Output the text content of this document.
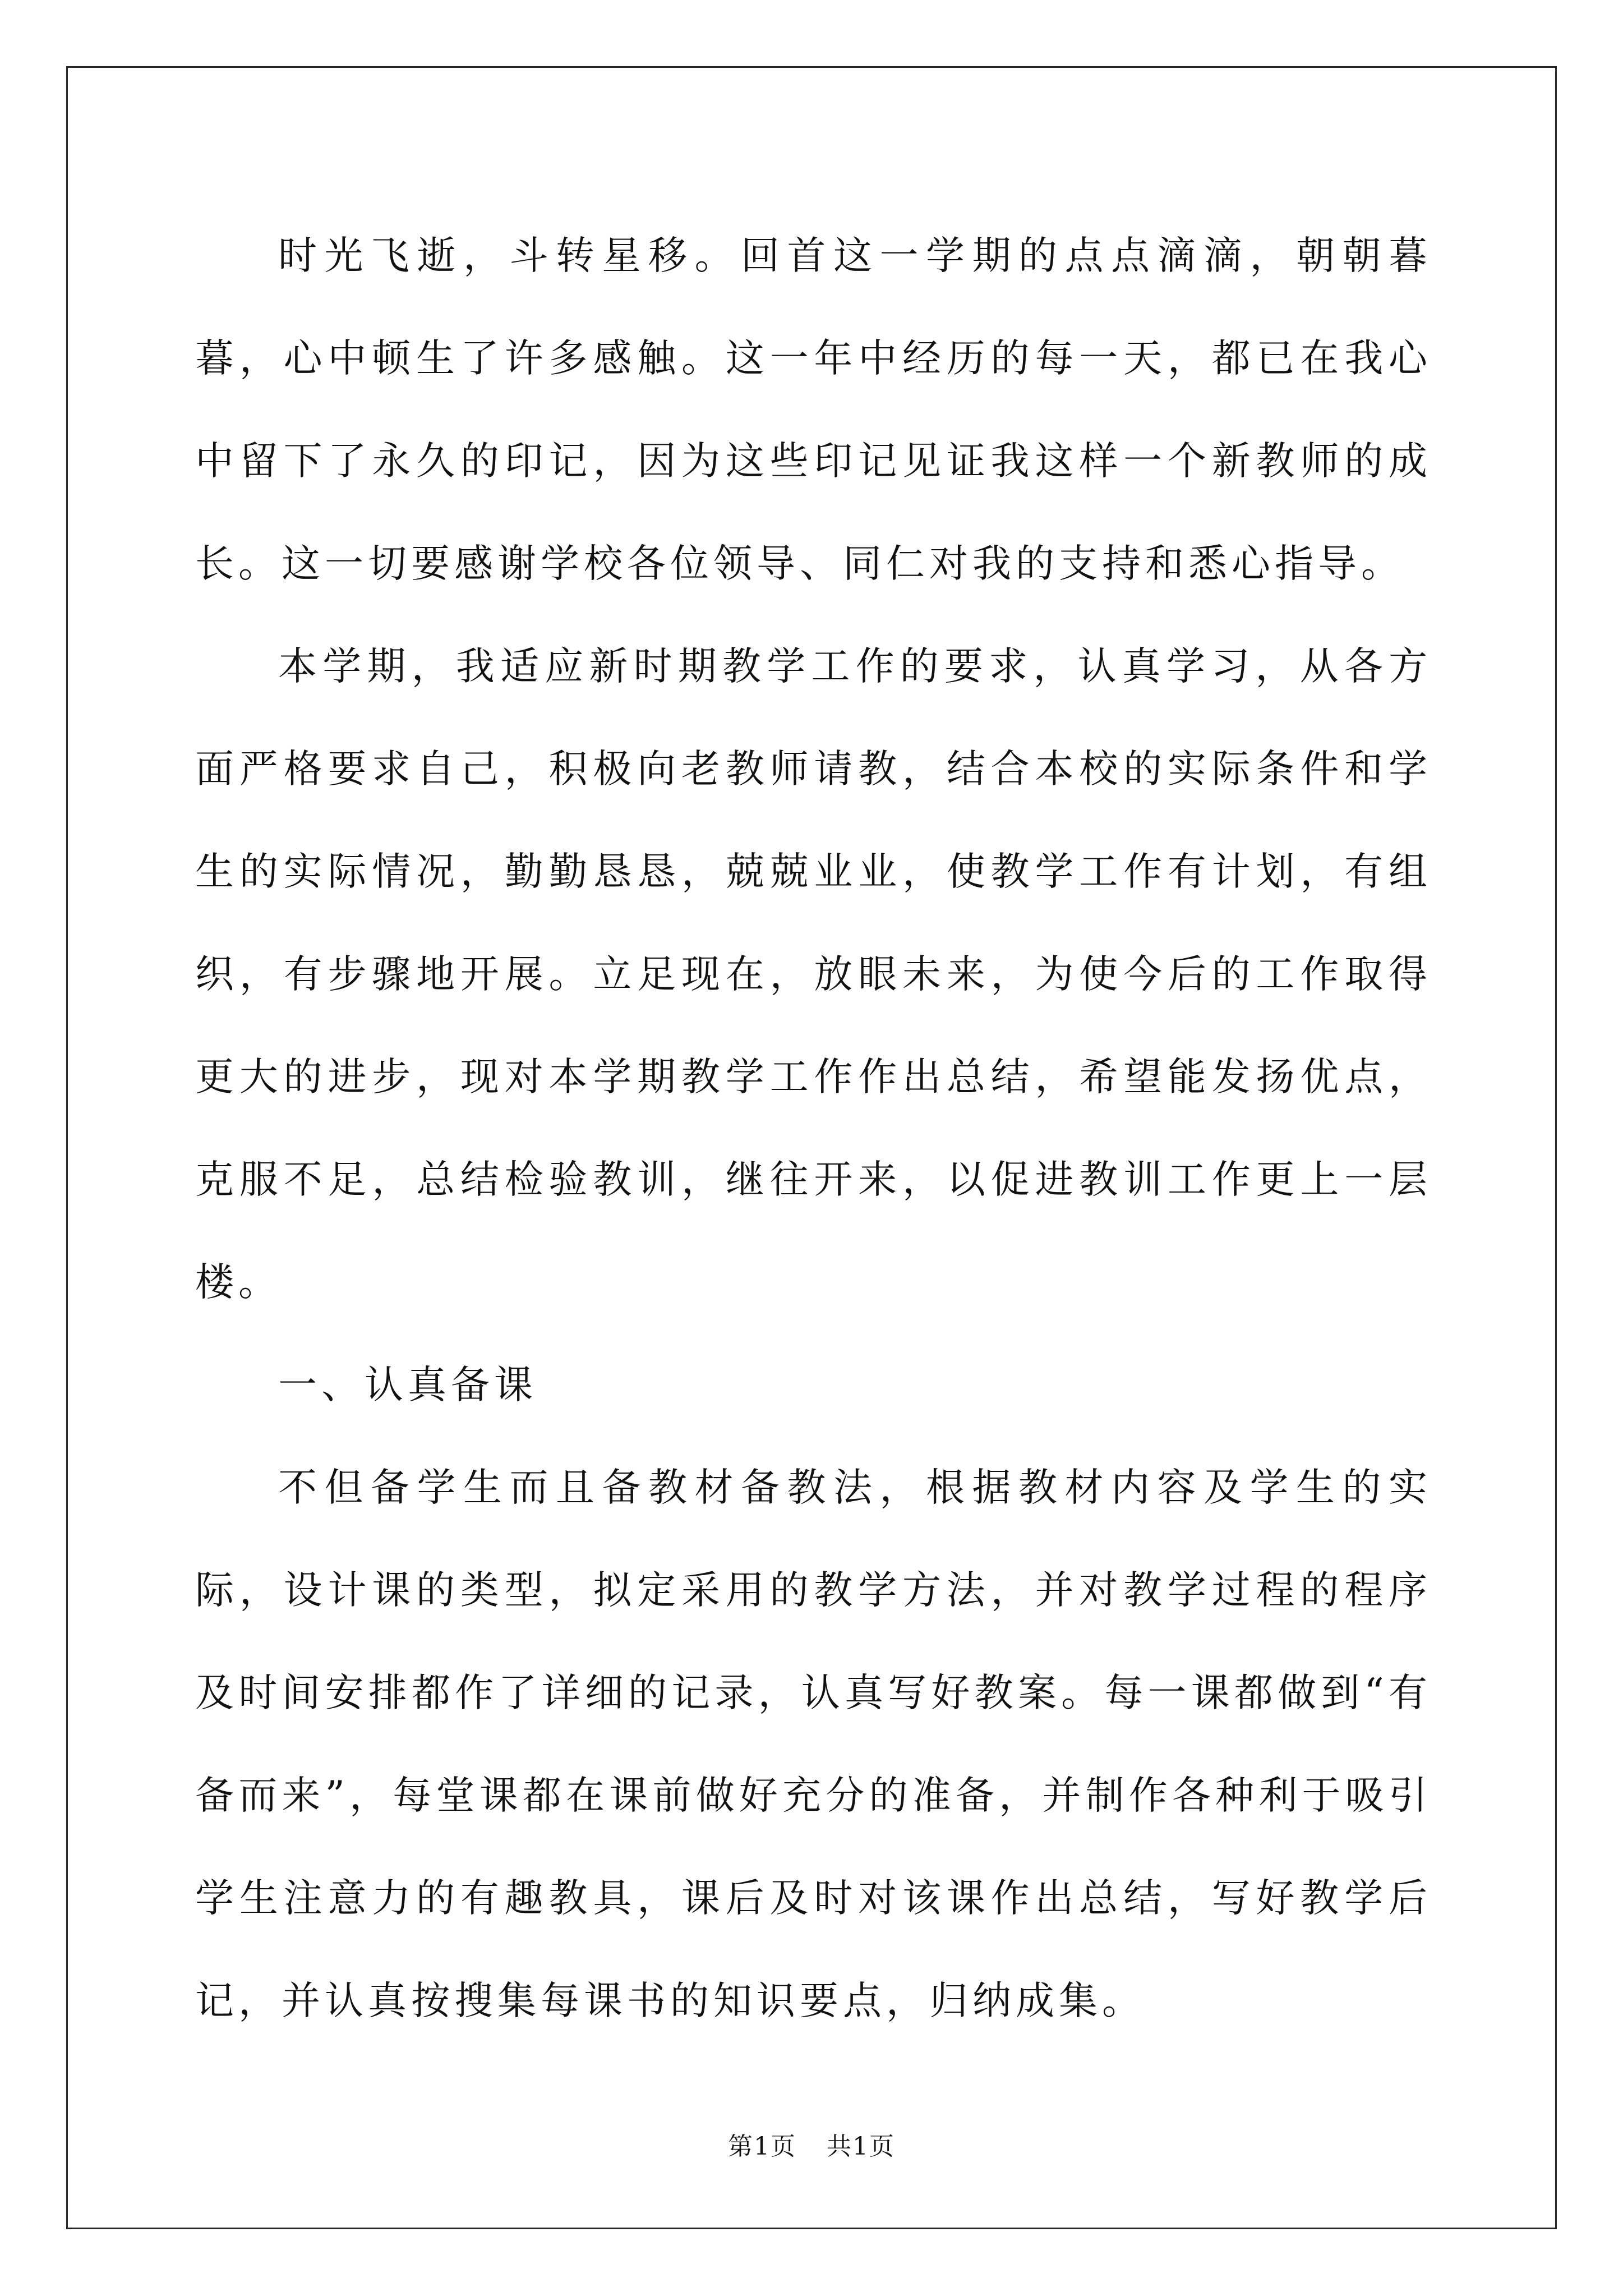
时光飞逝，斗转星移。回首这一学期的点点滴滴，朝朝暮暮，心中顿生了许多感触。这一年中经历的每一天，都已在我心中留下了永久的印记，因为这些印记见证我这样一个新教师的成长。这一切要感谢学校各位领导、同仁对我的支持和悉心指导。

本学期，我适应新时期教学工作的要求，认真学习，从各方面严格要求自己，积极向老教师请教，结合本校的实际条件和学生的实际情况，勤勤恳恳，兢兢业业，使教学工作有计划，有组织，有步骤地开展。立足现在，放眼未来，为使今后的工作取得更大的进步，现对本学期教学工作作出总结，希望能发扬优点，克服不足，总结检验教训，继往开来，以促进教训工作更上一层楼。

一、认真备课

不但备学生而且备教材备教法，根据教材内容及学生的实际，设计课的类型，拟定采用的教学方法，并对教学过程的程序及时间安排都作了详细的记录，认真写好教案。每一课都做到“有备而来”，每堂课都在课前做好充分的准备，并制作各种利于吸引学生注意力的有趣教具，课后及时对该课作出总结，写好教学后记，并认真按搜集每课书的知识要点，归纳成集。

第1页 共1页
